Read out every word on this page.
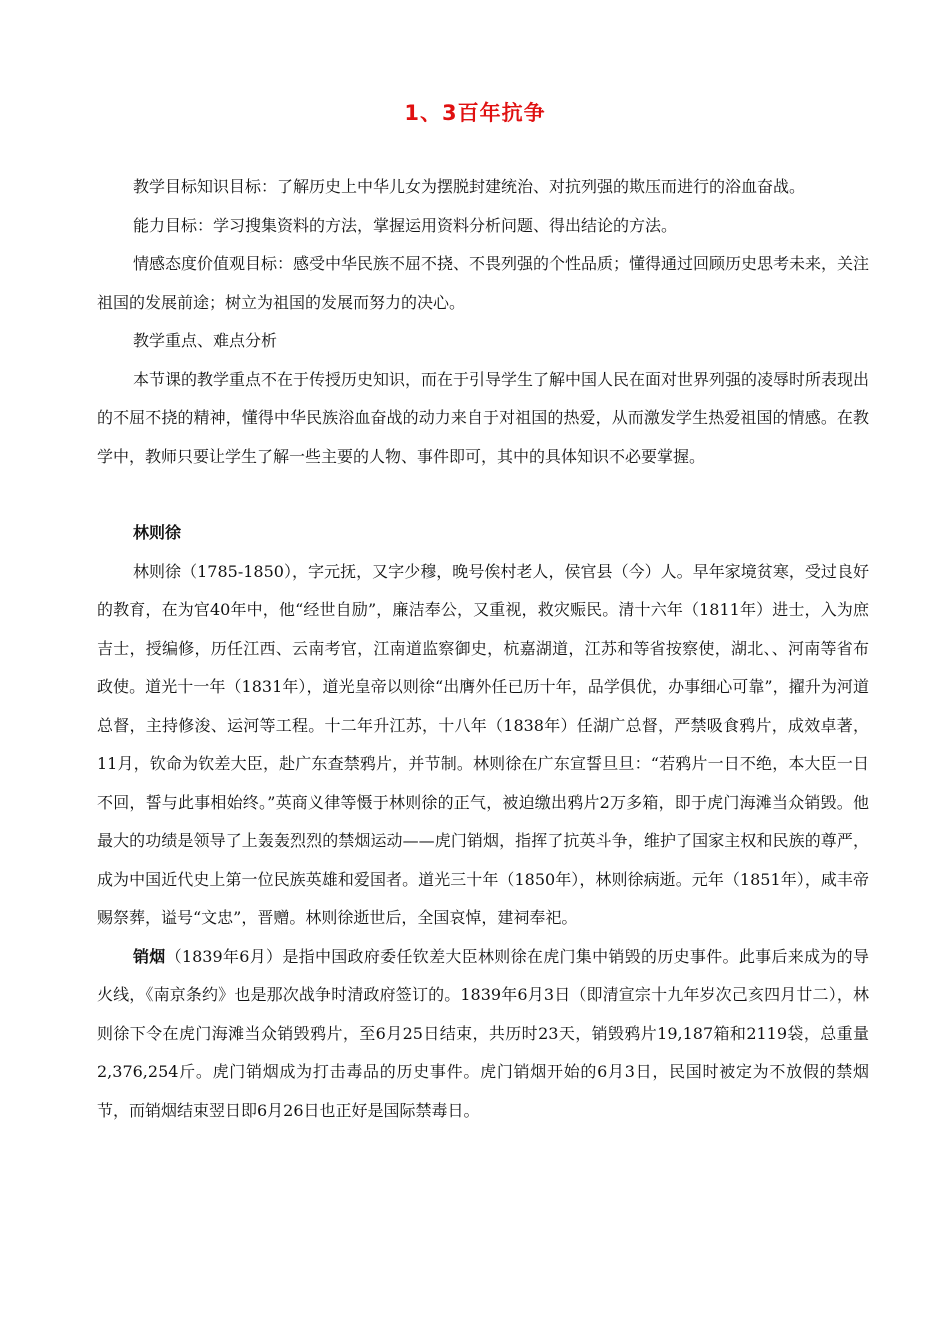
1、3百年抗争

教学目标知识目标：了解历史上中华儿女为摆脱封建统治、对抗列强的欺压而进行的浴血奋战。

能力目标：学习搜集资料的方法，掌握运用资料分析问题、得出结论的方法。

情感态度价值观目标：感受中华民族不屈不挠、不畏列强的个性品质；懂得通过回顾历史思考未来，关注祖国的发展前途；树立为祖国的发展而努力的决心。

教学重点、难点分析

本节课的教学重点不在于传授历史知识，而在于引导学生了解中国人民在面对世界列强的凌辱时所表现出的不屈不挠的精神，懂得中华民族浴血奋战的动力来自于对祖国的热爱，从而激发学生热爱祖国的情感。在教学中，教师只要让学生了解一些主要的人物、事件即可，其中的具体知识不必要掌握。

林则徐

林则徐（1785-1850），字元抚，又字少穆，晚号俟村老人，侯官县（今）人。早年家境贫寒，受过良好的教育，在为官40年中，他“经世自励”，廉洁奉公，又重视，救灾赈民。清十六年（1811年）进士，入为庶吉士，授编修，历任江西、云南考官，江南道监察御史，杭嘉湖道，江苏和等省按察使，湖北、、河南等省布政使。道光十一年（1831年），道光皇帝以则徐“出膺外任已历十年，品学俱优，办事细心可靠”，擢升为河道总督，主持修浚、运河等工程。十二年升江苏，十八年（1838年）任湖广总督，严禁吸食鸦片，成效卓著，11月，钦命为钦差大臣，赴广东查禁鸦片，并节制。林则徐在广东宣誓旦旦：“若鸦片一日不绝，本大臣一日不回，誓与此事相始终。”英商义律等慑于林则徐的正气，被迫缴出鸦片2万多箱，即于虎门海滩当众销毁。他最大的功绩是领导了上轰轰烈烈的禁烟运动——虎门销烟，指挥了抗英斗争，维护了国家主权和民族的尊严，成为中国近代史上第一位民族英雄和爱国者。道光三十年（1850年），林则徐病逝。元年（1851年），咸丰帝赐祭葬，谥号“文忠”，晋赠。林则徐逝世后，全国哀悼，建祠奉祀。

销烟（1839年6月）是指中国政府委任钦差大臣林则徐在虎门集中销毁的历史事件。此事后来成为的导火线，《南京条约》也是那次战争时清政府签订的。1839年6月3日（即清宣宗十九年岁次己亥四月廿二），林则徐下令在虎门海滩当众销毁鸦片，至6月25日结束，共历时23天，销毁鸦片19,187箱和2119袋，总重量2,376,254斤。虎门销烟成为打击毒品的历史事件。虎门销烟开始的6月3日，民国时被定为不放假的禁烟节，而销烟结束翌日即6月26日也正好是国际禁毒日。
